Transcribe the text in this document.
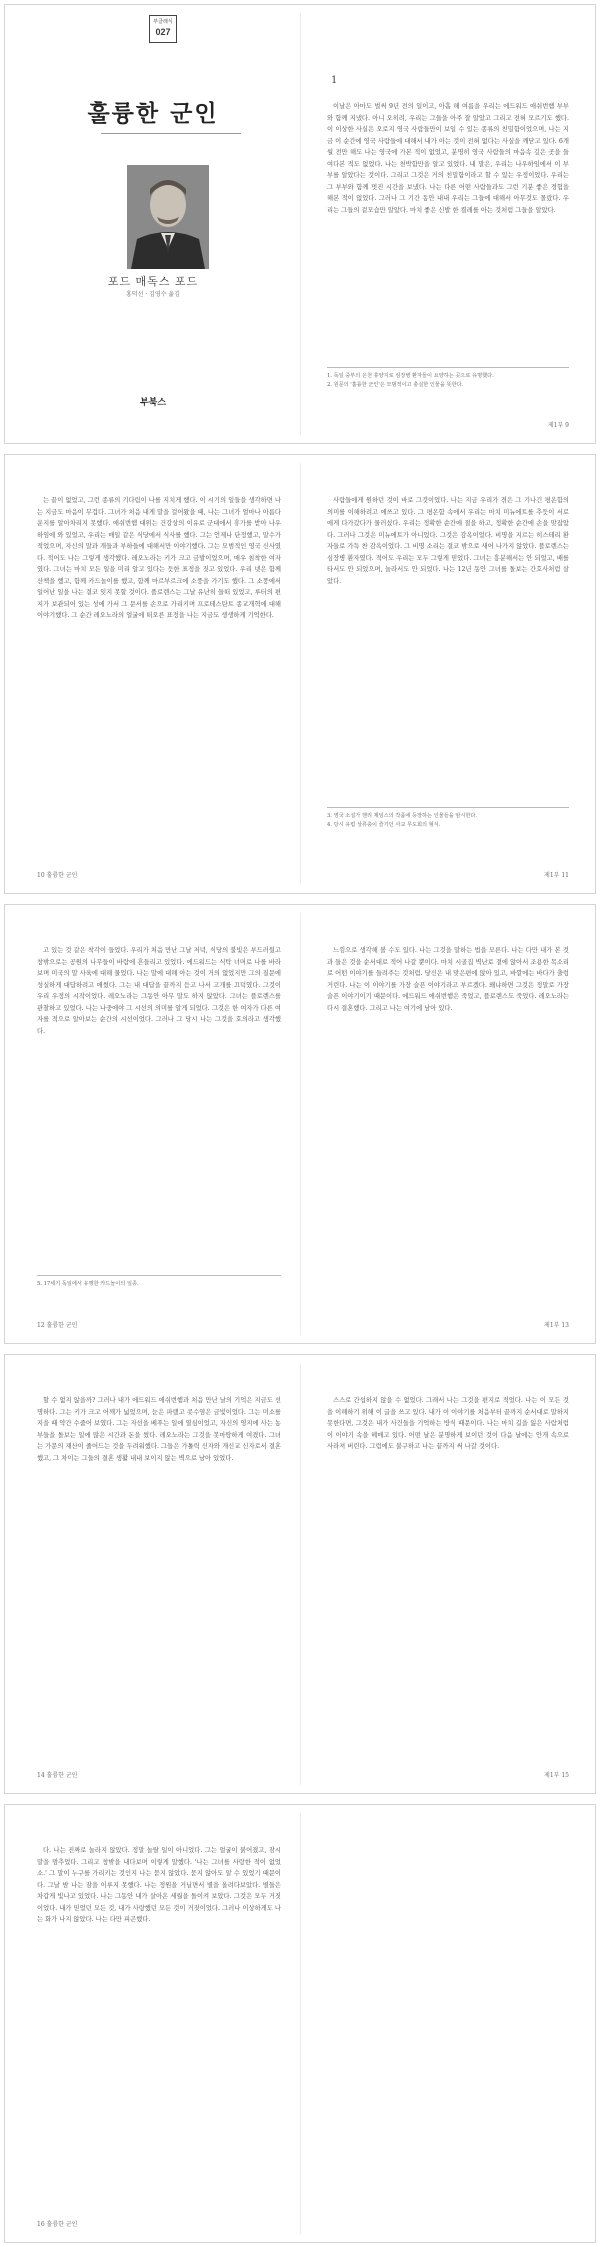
부클래식
027
훌륭한 군인
포드 매독스 포드
홍덕선 · 김영수 옮김
부북스
1

이날은 아마도 벌써 9년 전의 일이고, 아홉 해 여름을 우리는 에드워드 애쉬번햄 부부와 함께 지냈다. 아니 오히려, 우리는 그들을 아주 잘 알았고 그리고 전혀 모르기도 했다. 이 이상한 사실은 오로지 영국 사람들만이 보일 수 있는 종류의 친밀함이었으며, 나는 지금 이 순간에 영국 사람들에 대해서 내가 아는 것이 전혀 없다는 사실을 깨닫고 있다. 6개월 전만 해도 나는 영국에 가본 적이 없었고, 분명히 영국 사람들의 마음속 깊은 곳을 들여다본 적도 없었다. 나는 천박함만을 알고 있었다. 내 말은, 우리는 나우하임에서 이 부부를 알았다는 것이다. 그리고 그것은 거의 친밀함이라고 할 수 있는 우정이었다. 우리는 그 부부와 함께 멋진 시간을 보냈다. 나는 다른 어떤 사람들과도 그런 기분 좋은 경험을 해본 적이 없었다. 그러나 그 기간 동안 내내 우리는 그들에 대해서 아무것도 몰랐다. 우리는 그들의 겉모습만 알았다. 마치 좋은 신발 한 켤레를 아는 것처럼 그들을 알았다.

1. 독일 중부의 온천 휴양지로 심장병 환자들이 요양하는 곳으로 유명했다.
2. 원문의 '훌륭한 군인'은 모범적이고 충실한 인물을 뜻한다.
제1부 9

는 끝이 없었고, 그런 종류의 기다림이 나를 지치게 했다. 이 시기의 일들을 생각하면 나는 지금도 마음이 무겁다. 그녀가 처음 내게 말을 걸어왔을 때, 나는 그녀가 얼마나 아름다운지를 알아차리지 못했다. 애쉬번햄 대위는 건강상의 이유로 군대에서 휴가를 받아 나우하임에 와 있었고, 우리는 매일 같은 식당에서 식사를 했다. 그는 언제나 단정했고, 말수가 적었으며, 자신의 말과 개들과 부하들에 대해서만 이야기했다. 그는 모범적인 영국 신사였다. 적어도 나는 그렇게 생각했다. 레오노라는 키가 크고 금발이었으며, 매우 침착한 여자였다. 그녀는 마치 모든 일을 미리 알고 있다는 듯한 표정을 짓고 있었다. 우리 넷은 함께 산책을 했고, 함께 카드놀이를 했고, 함께 마르부르크에 소풍을 가기도 했다. 그 소풍에서 일어난 일을 나는 결코 잊지 못할 것이다. 플로렌스는 그날 유난히 들떠 있었고, 루터의 편지가 보관되어 있는 성에 가서 그 문서를 손으로 가리키며 프로테스탄트 종교개혁에 대해 이야기했다. 그 순간 레오노라의 얼굴에 떠오른 표정을 나는 지금도 생생하게 기억한다.

10 훌륭한 군인

사람들에게 원하던 것이 바로 그것이었다. 나는 지금 우리가 겪은 그 기나긴 평온함의 의미를 이해하려고 애쓰고 있다. 그 평온함 속에서 우리는 마치 미뉴에트를 추듯이 서로에게 다가갔다가 물러섰다. 우리는 정확한 순간에 절을 하고, 정확한 순간에 손을 맞잡았다. 그러나 그것은 미뉴에트가 아니었다. 그것은 감옥이었다. 비명을 지르는 히스테리 환자들로 가득 찬 감옥이었다. 그 비명 소리는 결코 밖으로 새어 나가지 않았다. 플로렌스는 심장병 환자였다. 적어도 우리는 모두 그렇게 믿었다. 그녀는 흥분해서는 안 되었고, 배를 타서도 안 되었으며, 놀라서도 안 되었다. 나는 12년 동안 그녀를 돌보는 간호사처럼 살았다.

3. 영국 소설가 헨리 제임스의 작품에 등장하는 인물들을 암시한다.
4. 당시 유럽 상류층이 즐기던 사교 무도회의 형식.
제1부 11

고 있는 것 같은 착각이 들었다. 우리가 처음 만난 그날 저녁, 식당의 불빛은 부드러웠고 창밖으로는 공원의 나무들이 바람에 흔들리고 있었다. 에드워드는 식탁 너머로 나를 바라보며 미국의 말 사육에 대해 물었다. 나는 말에 대해 아는 것이 거의 없었지만 그의 질문에 성실하게 대답하려고 애썼다. 그는 내 대답을 끝까지 듣고 나서 고개를 끄덕였다. 그것이 우리 우정의 시작이었다. 레오노라는 그동안 아무 말도 하지 않았다. 그녀는 플로렌스를 관찰하고 있었다. 나는 나중에야 그 시선의 의미를 알게 되었다. 그것은 한 여자가 다른 여자를 적으로 알아보는 순간의 시선이었다. 그러나 그 당시 나는 그것을 호의라고 생각했다.

5. 17세기 독일에서 유행한 카드놀이의 일종.
12 훌륭한 군인

느낌으로 생각해 볼 수도 있다. 나는 그것을 말하는 법을 모른다. 나는 다만 내가 본 것과 들은 것을 순서대로 적어 나갈 뿐이다. 마치 시골집 벽난로 곁에 앉아서 조용한 목소리로 어떤 이야기를 들려주는 것처럼. 당신은 내 맞은편에 앉아 있고, 바깥에는 바다가 출렁거린다. 나는 이 이야기를 가장 슬픈 이야기라고 부르겠다. 왜냐하면 그것은 정말로 가장 슬픈 이야기이기 때문이다. 에드워드 애쉬번햄은 죽었고, 플로렌스도 죽었다. 레오노라는 다시 결혼했다. 그리고 나는 여기에 남아 있다.

제1부 13

할 수 없지 않을까? 그러나 내가 에드워드 애쉬번햄과 처음 만난 날의 기억은 지금도 선명하다. 그는 키가 크고 어깨가 넓었으며, 눈은 파랬고 콧수염은 금빛이었다. 그는 미소를 지을 때 약간 수줍어 보였다. 그는 자선을 베푸는 일에 열심이었고, 자신의 영지에 사는 농부들을 돌보는 일에 많은 시간과 돈을 썼다. 레오노라는 그것을 못마땅하게 여겼다. 그녀는 가문의 재산이 줄어드는 것을 두려워했다. 그들은 가톨릭 신자와 개신교 신자로서 결혼했고, 그 차이는 그들의 결혼 생활 내내 보이지 않는 벽으로 남아 있었다.

14 훌륭한 군인

스스로 간섭하지 않을 수 없었다. 그래서 나는 그것을 편지로 적었다. 나는 이 모든 것을 이해하기 위해 이 글을 쓰고 있다. 내가 이 이야기를 처음부터 끝까지 순서대로 말하지 못한다면, 그것은 내가 사건들을 기억하는 방식 때문이다. 나는 마치 길을 잃은 사람처럼 이 이야기 속을 헤매고 있다. 어떤 날은 분명하게 보이던 것이 다음 날에는 안개 속으로 사라져 버린다. 그럼에도 불구하고 나는 끝까지 써 나갈 것이다.

제1부 15

다. 나는 진짜로 놀라지 않았다. 정말 놀랄 일이 아니었다. 그는 얼굴이 붉어졌고, 잠시 말을 멈추었다. 그리고 창밖을 내다보며 이렇게 말했다. '나는 그녀를 사랑한 적이 없었소.' 그 말이 누구를 가리키는 것인지 나는 묻지 않았다. 묻지 않아도 알 수 있었기 때문이다. 그날 밤 나는 잠을 이루지 못했다. 나는 정원을 거닐면서 별을 올려다보았다. 별들은 차갑게 빛나고 있었다. 나는 그동안 내가 살아온 세월을 돌이켜 보았다. 그것은 모두 거짓이었다. 내가 믿었던 모든 것, 내가 사랑했던 모든 것이 거짓이었다. 그러나 이상하게도 나는 화가 나지 않았다. 나는 다만 피곤했다.

16 훌륭한 군인
